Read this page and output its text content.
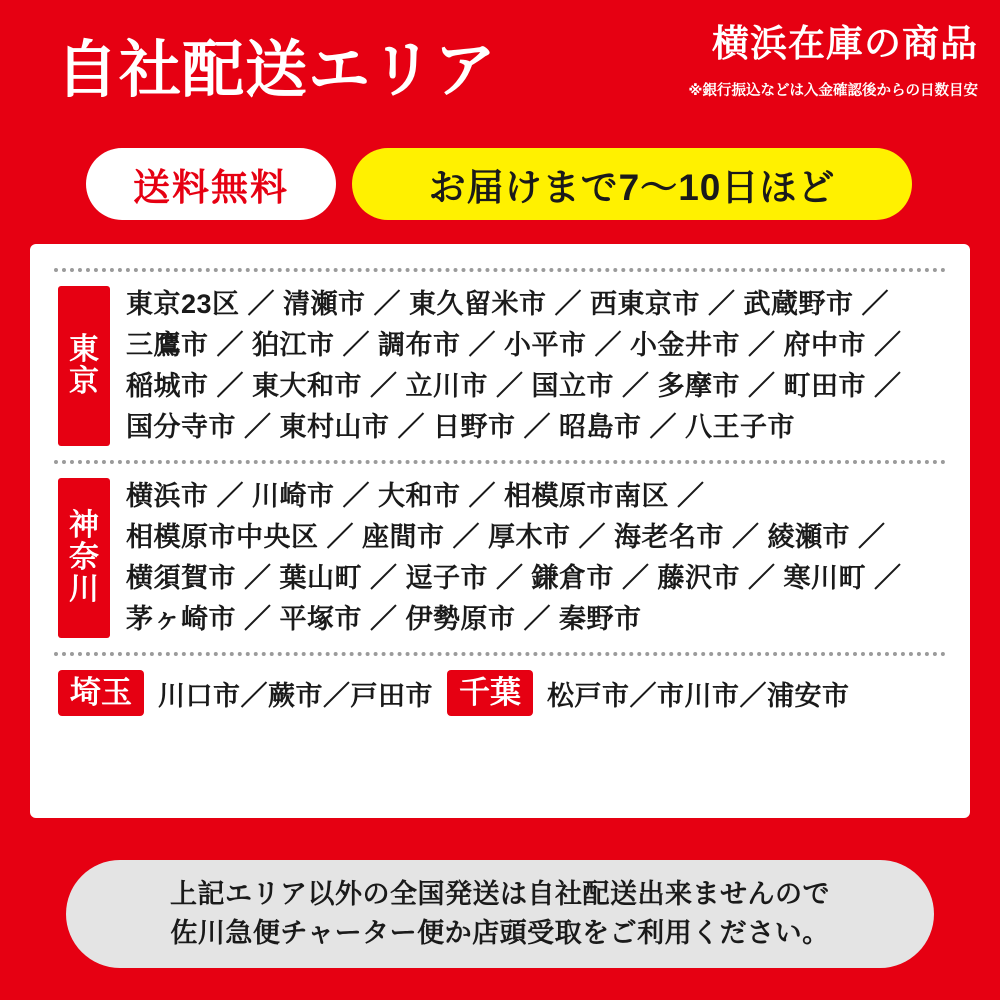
自社配送エリア	横浜在庫の商品
※銀行振込などは入金確認後からの日数目安
送料無料	お届けまで7〜10日ほど
東
京
東京23区 ／ 清瀬市 ／ 東久留米市 ／ 西東京市 ／ 武蔵野市 ／
三鷹市 ／ 狛江市 ／ 調布市 ／ 小平市 ／ 小金井市 ／ 府中市 ／
稲城市 ／ 東大和市 ／ 立川市 ／ 国立市 ／ 多摩市 ／ 町田市 ／
国分寺市 ／ 東村山市 ／ 日野市 ／ 昭島市 ／ 八王子市
神
奈
川
横浜市 ／ 川崎市 ／ 大和市 ／ 相模原市南区 ／
相模原市中央区 ／ 座間市 ／ 厚木市 ／ 海老名市 ／ 綾瀬市 ／
横須賀市 ／ 葉山町 ／ 逗子市 ／ 鎌倉市 ／ 藤沢市 ／ 寒川町 ／
茅ヶ崎市 ／ 平塚市 ／ 伊勢原市 ／ 秦野市
埼玉 川口市／蕨市／戸田市 千葉 松戸市／市川市／浦安市
上記エリア以外の全国発送は自社配送出来ませんので
佐川急便チャーター便か店頭受取をご利用ください。
